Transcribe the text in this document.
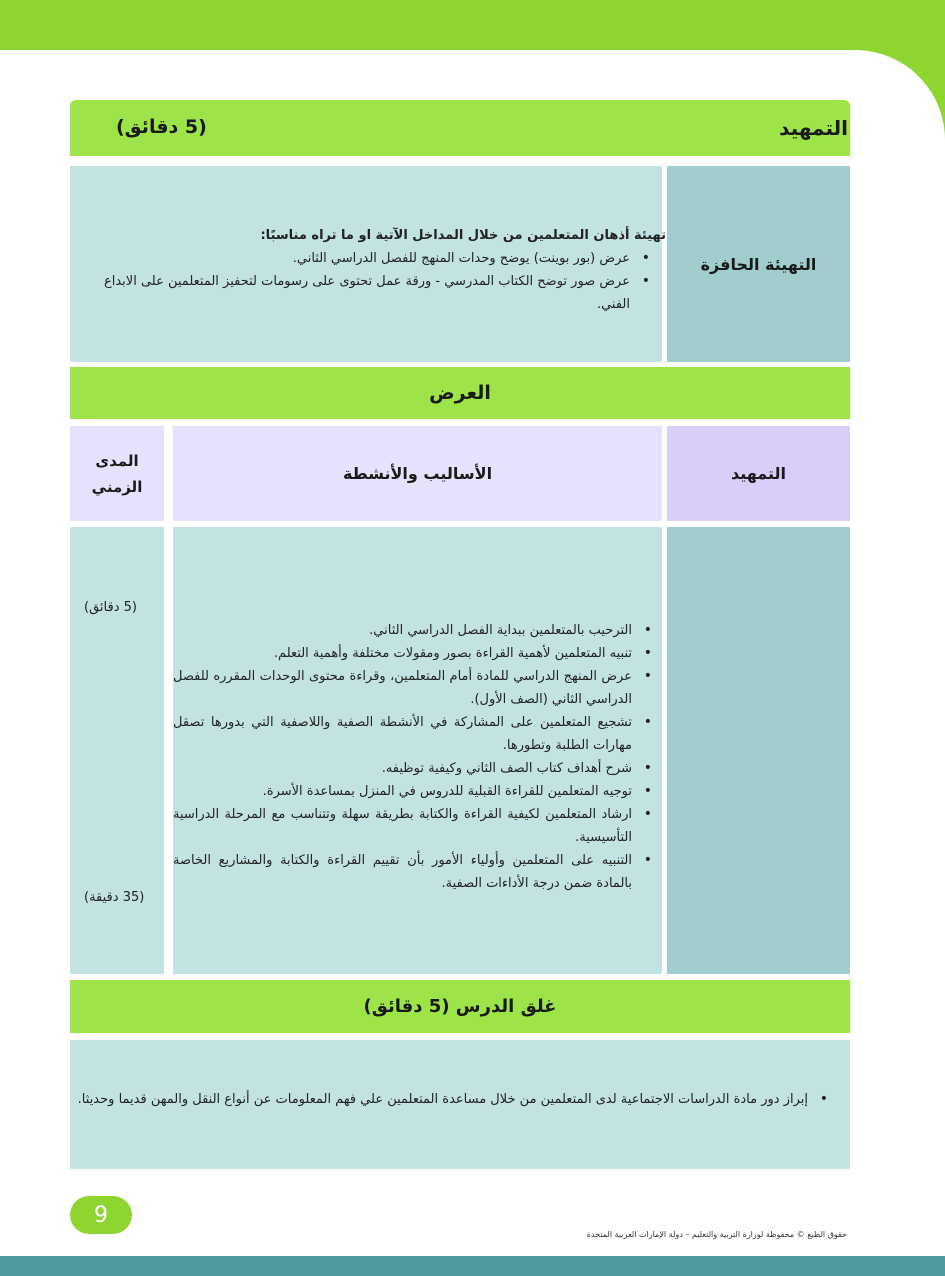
التمهيد
(5 دقائق)
تهيئة أذهان المتعلمين من خلال المداخل الآتية او ما تراه مناسبًا:
• عرض (بور بوينت) يوضح وحدات المنهج للفصل الدراسي الثاني.
• عرض صور توضح الكتاب المدرسي - ورقة عمل تحتوى على رسومات لتحفيز المتعلمين على الابداع الفني.
التهيئة الحافزة
العرض
المدى الزمني
الأساليب والأنشطة	التمهيد
(5 دقائق)
(35 دقيقة)
• الترحيب بالمتعلمين ببداية الفصل الدراسي الثاني.
• تنبيه المتعلمين لأهمية القراءة بصور ومقولات مختلفة وأهمية التعلم.
• عرض المنهج الدراسي للمادة أمام المتعلمين، وقراءة محتوى الوحدات المقرره للفصل الدراسي الثاني (الصف الأول).
• تشجيع المتعلمين على المشاركة في الأنشطة الصفية واللاصفية التي بدورها تصقل مهارات الطلبة وتطورها.
• شرح أهداف كتاب الصف الثاني وكيفية توظيفه.
• توجيه المتعلمين للقراءة القبلية للدروس في المنزل بمساعدة الأسرة.
• ارشاد المتعلمين لكيفية القراءة والكتابة بطريقة سهلة وتتناسب مع المرحلة الدراسية التأسيسية.
• التنبيه على المتعلمين وأولياء الأمور بأن تقييم القراءة والكتابة والمشاريع الخاصة بالمادة ضمن درجة الأداءات الصفية.
غلق الدرس (5 دقائق)
• إبراز دور مادة الدراسات الاجتماعية لدى المتعلمين من خلال مساعدة المتعلمين علي فهم المعلومات عن أنواع النقل والمهن قديما وحديثا.
9
حقوق الطبع © محفوظة لوزارة التربية والتعليم – دولة الإمارات العربية المتحدة
